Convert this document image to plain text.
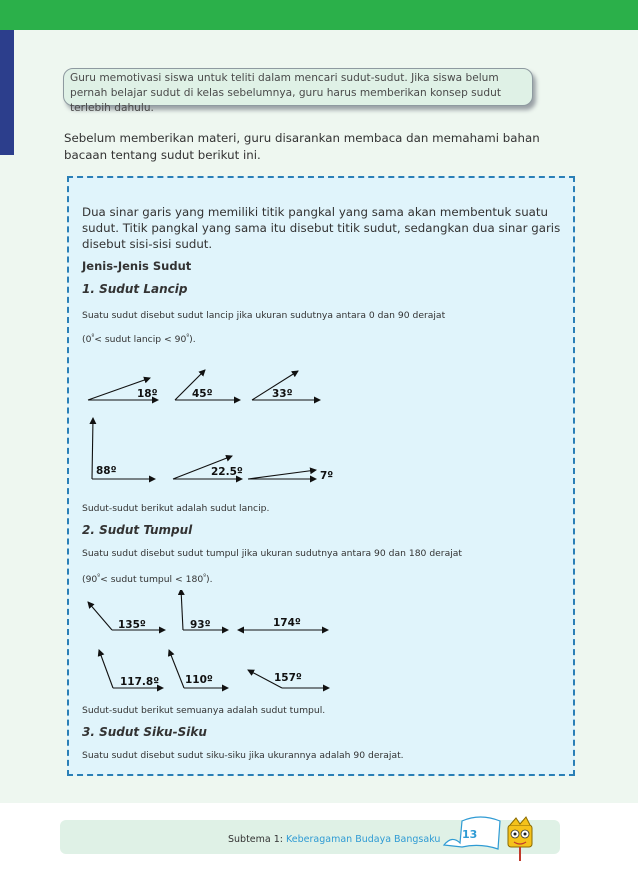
Guru memotivasi siswa untuk teliti dalam mencari sudut-sudut. Jika siswa belum pernah belajar sudut di kelas sebelumnya, guru harus memberikan konsep sudut terlebih dahulu.
Sebelum memberikan materi, guru disarankan membaca dan memahami bahan bacaan tentang sudut berikut ini.

Dua sinar garis yang memiliki titik pangkal yang sama akan membentuk suatu sudut. Titik pangkal yang sama itu disebut titik sudut, sedangkan dua sinar garis disebut sisi-sisi sudut.

Jenis-Jenis Sudut

1. Sudut Lancip

Suatu sudut disebut sudut lancip jika ukuran sudutnya antara 0 dan 90 derajat

($0^º<$ sudut lancip < $90^º$).

18º	45º	33º
88º	22.5º	7º

Sudut-sudut berikut adalah sudut lancip.

2. Sudut Tumpul

Suatu sudut disebut sudut tumpul jika ukuran sudutnya antara 90 dan 180 derajat

($90^º<$ sudut tumpul < $180^º$).

135º	93º	174º
117.8º 110º	157º

Sudut-sudut berikut semuanya adalah sudut tumpul.

3. Sudut Siku-Siku

Suatu sudut disebut sudut siku-siku jika ukurannya adalah 90 derajat.

Subtema 1: Keberagaman Budaya Bangsaku 13
